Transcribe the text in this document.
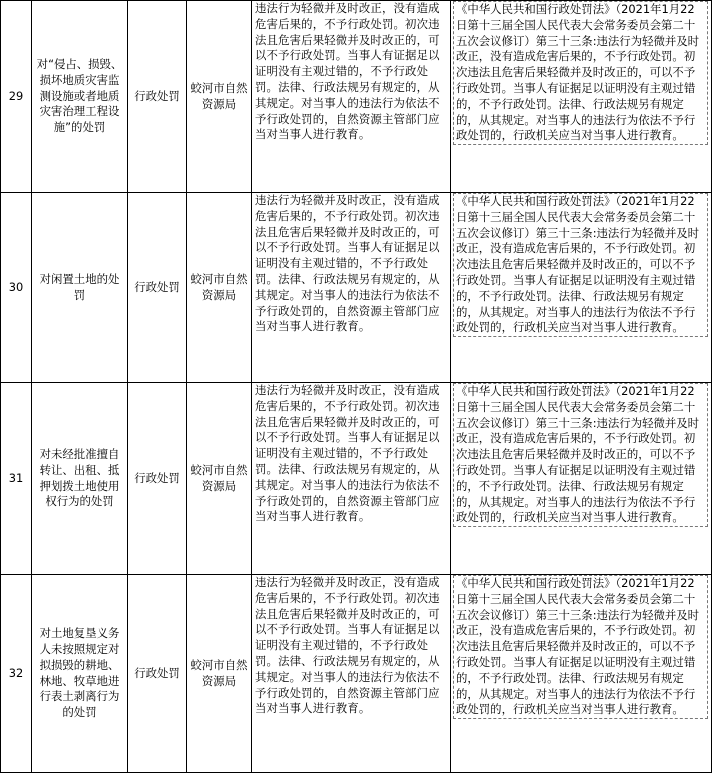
29	对“侵占、损毁、损坏地质灾害监测设施或者地质灾害治理工程设施”的处罚	行政处罚	蛟河市自然资源局	违法行为轻微并及时改正，没有造成危害后果的，不予行政处罚。初次违法且危害后果轻微并及时改正的，可以不予行政处罚。当事人有证据足以证明没有主观过错的，不予行政处罚。法律、行政法规另有规定的，从其规定。对当事人的违法行为依法不予行政处罚的，自然资源主管部门应当对当事人进行教育。	《中华人民共和国行政处罚法》（2021年1月22日第十三届全国人民代表大会常务委员会第二十五次会议修订）第三十三条:违法行为轻微并及时改正，没有造成危害后果的，不予行政处罚。初次违法且危害后果轻微并及时改正的，可以不予行政处罚。当事人有证据足以证明没有主观过错的，不予行政处罚。法律、行政法规另有规定的，从其规定。对当事人的违法行为依法不予行政处罚的，行政机关应当对当事人进行教育。

30	对闲置土地的处罚	行政处罚	蛟河市自然资源局	违法行为轻微并及时改正，没有造成危害后果的，不予行政处罚。初次违法且危害后果轻微并及时改正的，可以不予行政处罚。当事人有证据足以证明没有主观过错的，不予行政处罚。法律、行政法规另有规定的，从其规定。对当事人的违法行为依法不予行政处罚的，自然资源主管部门应当对当事人进行教育。	《中华人民共和国行政处罚法》（2021年1月22日第十三届全国人民代表大会常务委员会第二十五次会议修订）第三十三条:违法行为轻微并及时改正，没有造成危害后果的，不予行政处罚。初次违法且危害后果轻微并及时改正的，可以不予行政处罚。当事人有证据足以证明没有主观过错的，不予行政处罚。法律、行政法规另有规定的，从其规定。对当事人的违法行为依法不予行政处罚的，行政机关应当对当事人进行教育。

31	对未经批准擅自转让、出租、抵押划拨土地使用权行为的处罚	行政处罚	蛟河市自然资源局	违法行为轻微并及时改正，没有造成危害后果的，不予行政处罚。初次违法且危害后果轻微并及时改正的，可以不予行政处罚。当事人有证据足以证明没有主观过错的，不予行政处罚。法律、行政法规另有规定的，从其规定。对当事人的违法行为依法不予行政处罚的，自然资源主管部门应当对当事人进行教育。	《中华人民共和国行政处罚法》（2021年1月22日第十三届全国人民代表大会常务委员会第二十五次会议修订）第三十三条:违法行为轻微并及时改正，没有造成危害后果的，不予行政处罚。初次违法且危害后果轻微并及时改正的，可以不予行政处罚。当事人有证据足以证明没有主观过错的，不予行政处罚。法律、行政法规另有规定的，从其规定。对当事人的违法行为依法不予行政处罚的，行政机关应当对当事人进行教育。

32	对土地复垦义务人未按照规定对拟损毁的耕地、林地、牧草地进行表土剥离行为的处罚	行政处罚	蛟河市自然资源局	违法行为轻微并及时改正，没有造成危害后果的，不予行政处罚。初次违法且危害后果轻微并及时改正的，可以不予行政处罚。当事人有证据足以证明没有主观过错的，不予行政处罚。法律、行政法规另有规定的，从其规定。对当事人的违法行为依法不予行政处罚的，自然资源主管部门应当对当事人进行教育。	《中华人民共和国行政处罚法》（2021年1月22日第十三届全国人民代表大会常务委员会第二十五次会议修订）第三十三条:违法行为轻微并及时改正，没有造成危害后果的，不予行政处罚。初次违法且危害后果轻微并及时改正的，可以不予行政处罚。当事人有证据足以证明没有主观过错的，不予行政处罚。法律、行政法规另有规定的，从其规定。对当事人的违法行为依法不予行政处罚的，行政机关应当对当事人进行教育。
